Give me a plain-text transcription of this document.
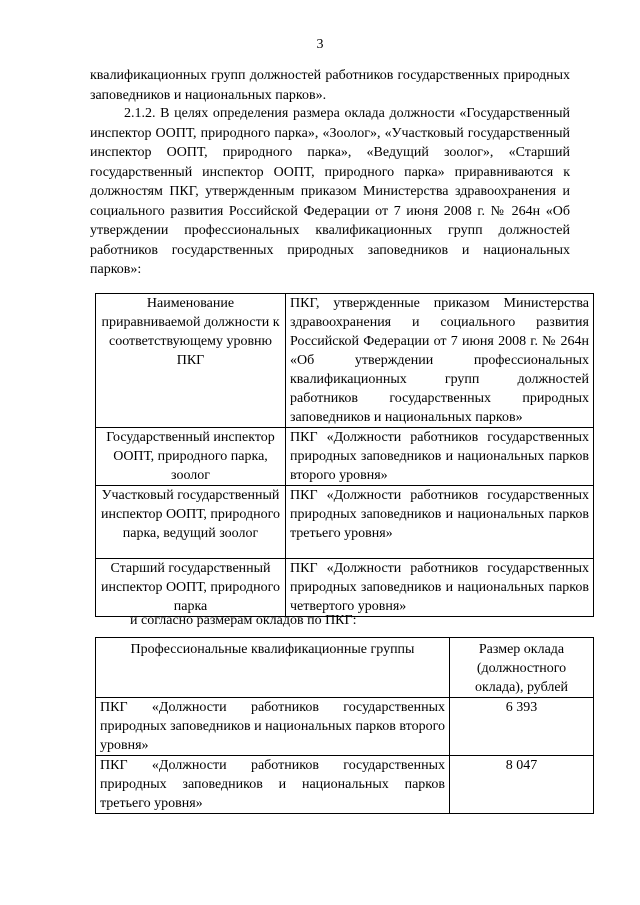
3

квалификационных групп должностей работников государственных природных заповедников и национальных парков».

2.1.2. В целях определения размера оклада должности «Государственный инспектор ООПТ, природного парка», «Зоолог», «Участковый государственный инспектор ООПТ, природного парка», «Ведущий зоолог», «Старший государственный инспектор ООПТ, природного парка» приравниваются к должностям ПКГ, утвержденным приказом Министерства здравоохранения и социального развития Российской Федерации от 7 июня 2008 г. № 264н «Об утверждении профессиональных квалификационных групп должностей работников государственных природных заповедников и национальных парков»:

Наименование приравниваемой должности к соответствующему уровню ПКГ	ПКГ, утвержденные приказом Министерства здравоохранения и социального развития Российской Федерации от 7 июня 2008 г. № 264н «Об утверждении профессиональных квалификационных групп должностей работников государственных природных заповедников и национальных парков»
Государственный инспектор ООПТ, природного парка, зоолог	ПКГ «Должности работников государственных природных заповедников и национальных парков второго уровня»
Участковый государственный инспектор ООПТ, природного парка, ведущий зоолог	ПКГ «Должности работников государственных природных заповедников и национальных парков третьего уровня»
Старший государственный инспектор ООПТ, природного парка	ПКГ «Должности работников государственных природных заповедников и национальных парков четвертого уровня»

и согласно размерам окладов по ПКГ:

Профессиональные квалификационные группы	Размер оклада (должностного оклада), рублей
ПКГ «Должности работников государственных природных заповедников и национальных парков второго уровня»	6 393
ПКГ «Должности работников государственных природных заповедников и национальных парков третьего уровня»	8 047
